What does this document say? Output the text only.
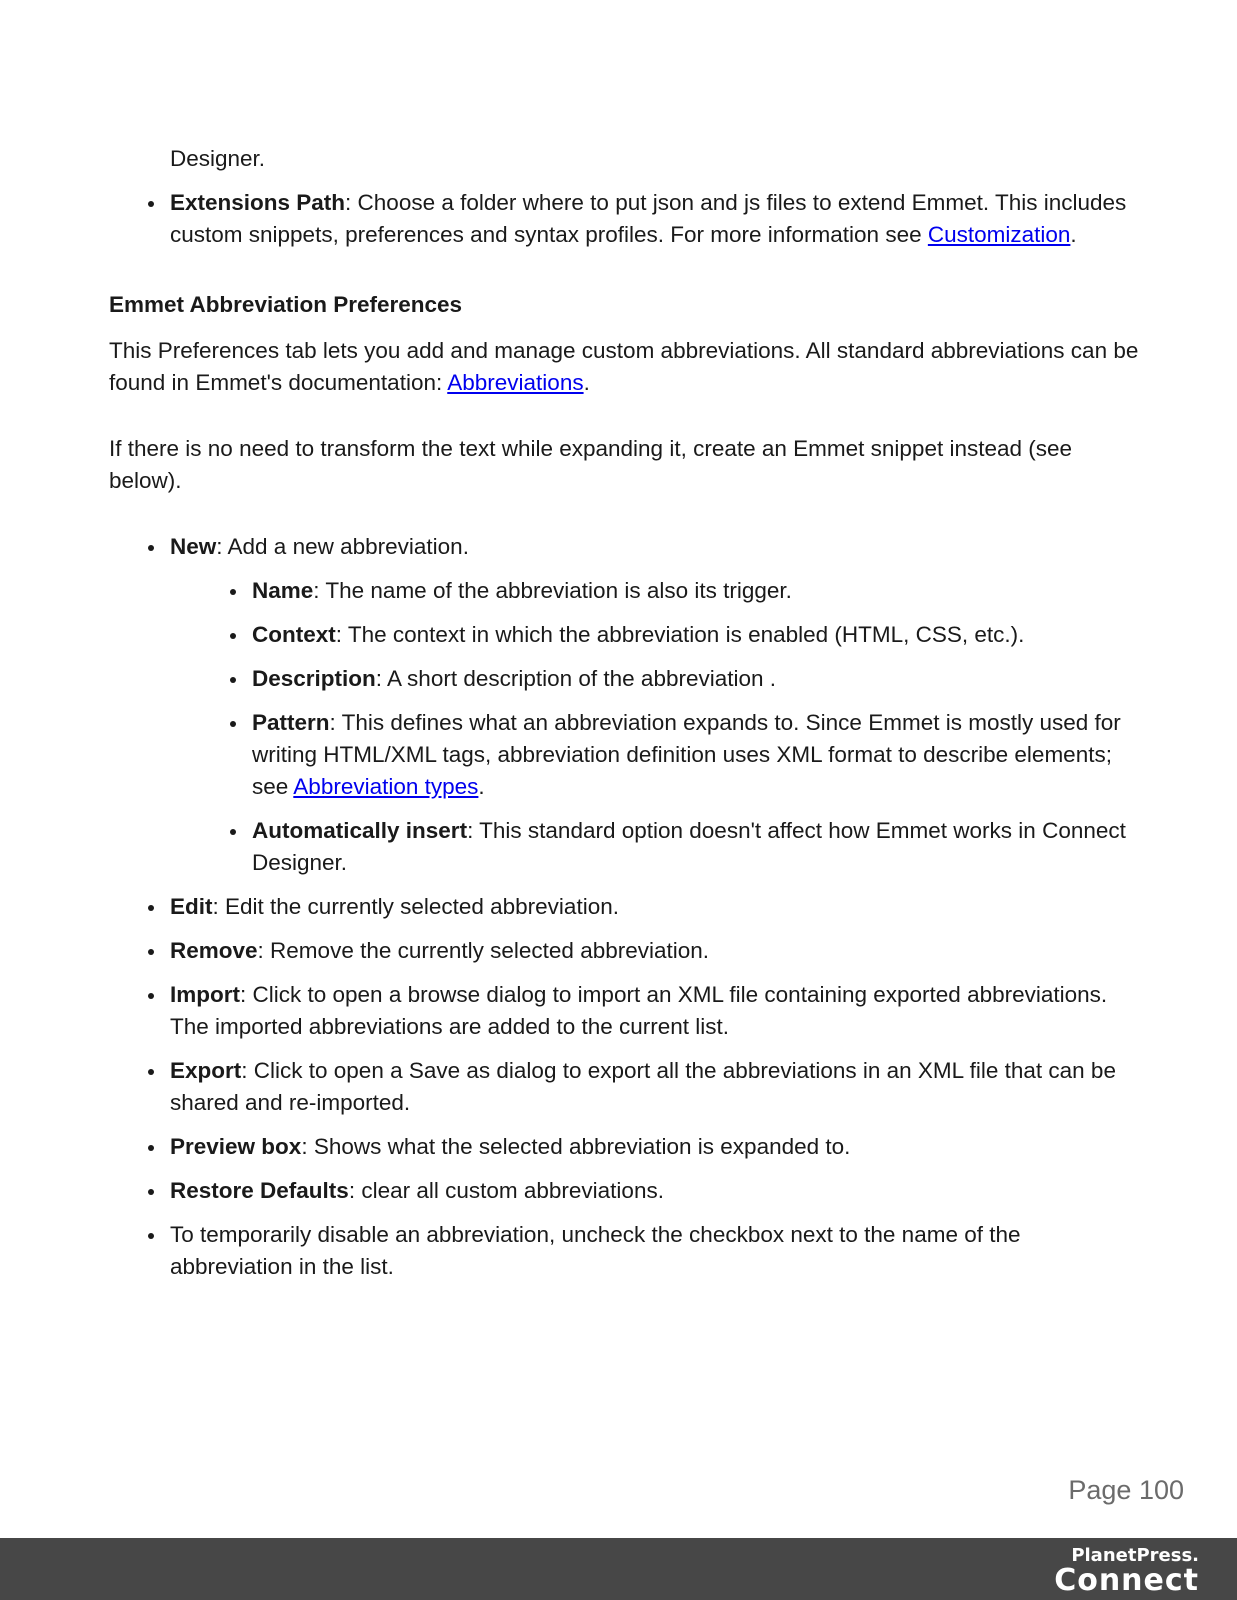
Designer.
Extensions Path: Choose a folder where to put json and js files to extend Emmet. This includes custom snippets, preferences and syntax profiles. For more information see Customization.
Emmet Abbreviation Preferences

This Preferences tab lets you add and manage custom abbreviations. All standard abbreviations can be found in Emmet's documentation: Abbreviations.

If there is no need to transform the text while expanding it, create an Emmet snippet instead (see below).

New: Add a new abbreviation.
Name: The name of the abbreviation is also its trigger.
Context: The context in which the abbreviation is enabled (HTML, CSS, etc.).
Description: A short description of the abbreviation .
Pattern: This defines what an abbreviation expands to. Since Emmet is mostly used for writing HTML/XML tags, abbreviation definition uses XML format to describe elements; see Abbreviation types.
Automatically insert: This standard option doesn't affect how Emmet works in Connect Designer.
Edit: Edit the currently selected abbreviation.
Remove: Remove the currently selected abbreviation.
Import: Click to open a browse dialog to import an XML file containing exported abbreviations. The imported abbreviations are added to the current list.
Export: Click to open a Save as dialog to export all the abbreviations in an XML file that can be shared and re-imported.
Preview box: Shows what the selected abbreviation is expanded to.
Restore Defaults: clear all custom abbreviations.
To temporarily disable an abbreviation, uncheck the checkbox next to the name of the abbreviation in the list.
Page 100
PlanetPress.
Connect
